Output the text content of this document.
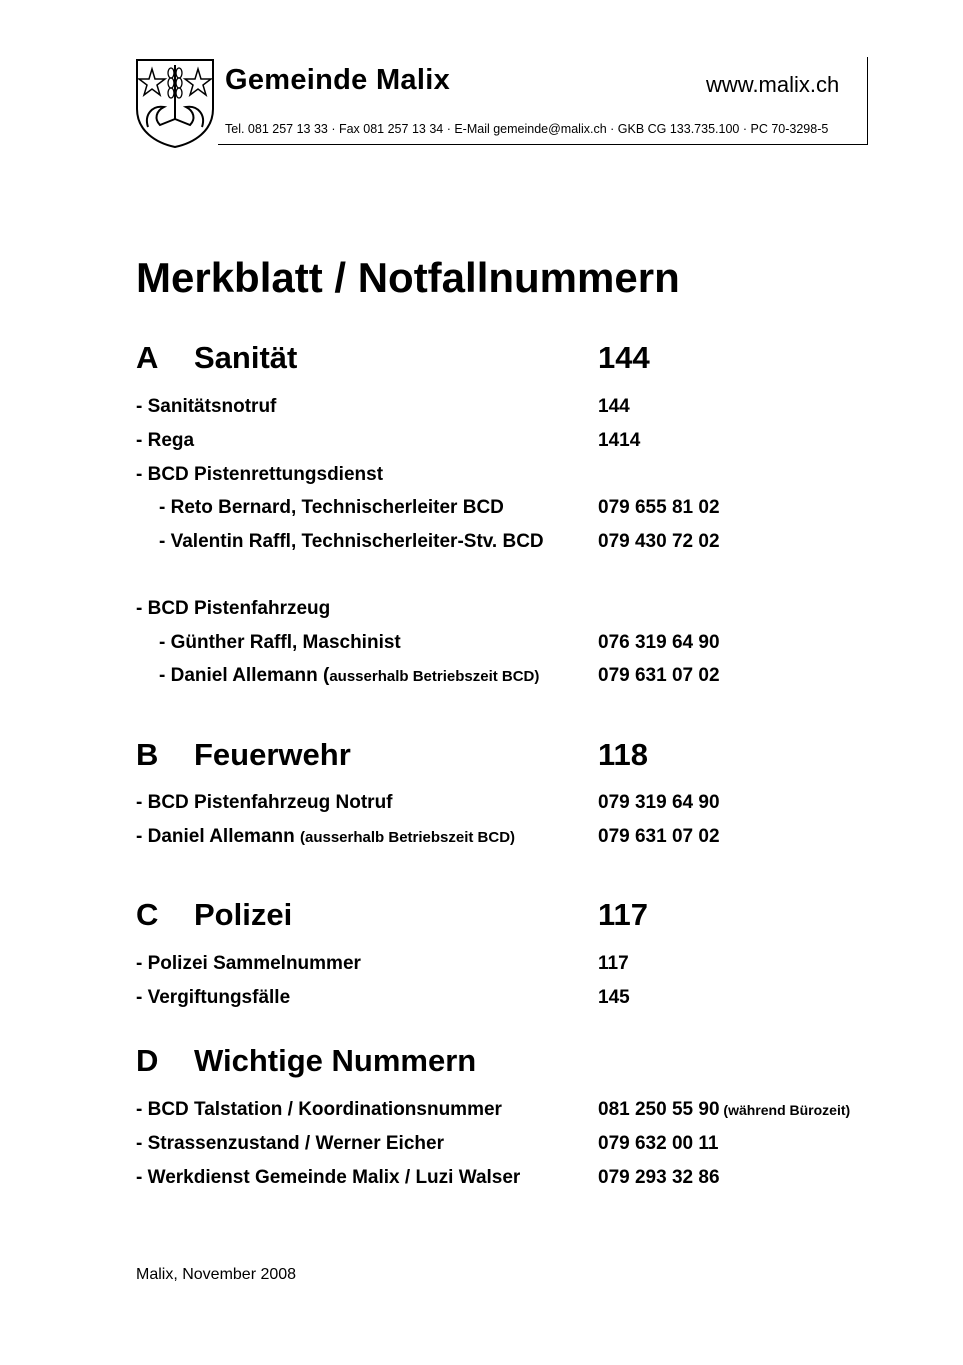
Gemeinde Malix	www.malix.ch
Tel. 081 257 13 33 · Fax 081 257 13 34 · E-Mail gemeinde@malix.ch · GKB CG 133.735.100 · PC 70-3298-5
Merkblatt / Notfallnummern
A Sanität	144
- Sanitätsnotruf	144
- Rega	1414
- BCD Pistenrettungsdienst
- Reto Bernard, Technischerleiter BCD	079 655 81 02
- Valentin Raffl, Technischerleiter-Stv. BCD	079 430 72 02
- BCD Pistenfahrzeug
- Günther Raffl, Maschinist	076 319 64 90
- Daniel Allemann (ausserhalb Betriebszeit BCD)	079 631 07 02
B Feuerwehr	118
- BCD Pistenfahrzeug Notruf	079 319 64 90
- Daniel Allemann (ausserhalb Betriebszeit BCD)	079 631 07 02
C Polizei	117
- Polizei Sammelnummer	117
- Vergiftungsfälle	145
D Wichtige Nummern
- BCD Talstation / Koordinationsnummer	081 250 55 90 (während Bürozeit)
- Strassenzustand / Werner Eicher	079 632 00 11
- Werkdienst Gemeinde Malix / Luzi Walser	079 293 32 86
Malix, November 2008
